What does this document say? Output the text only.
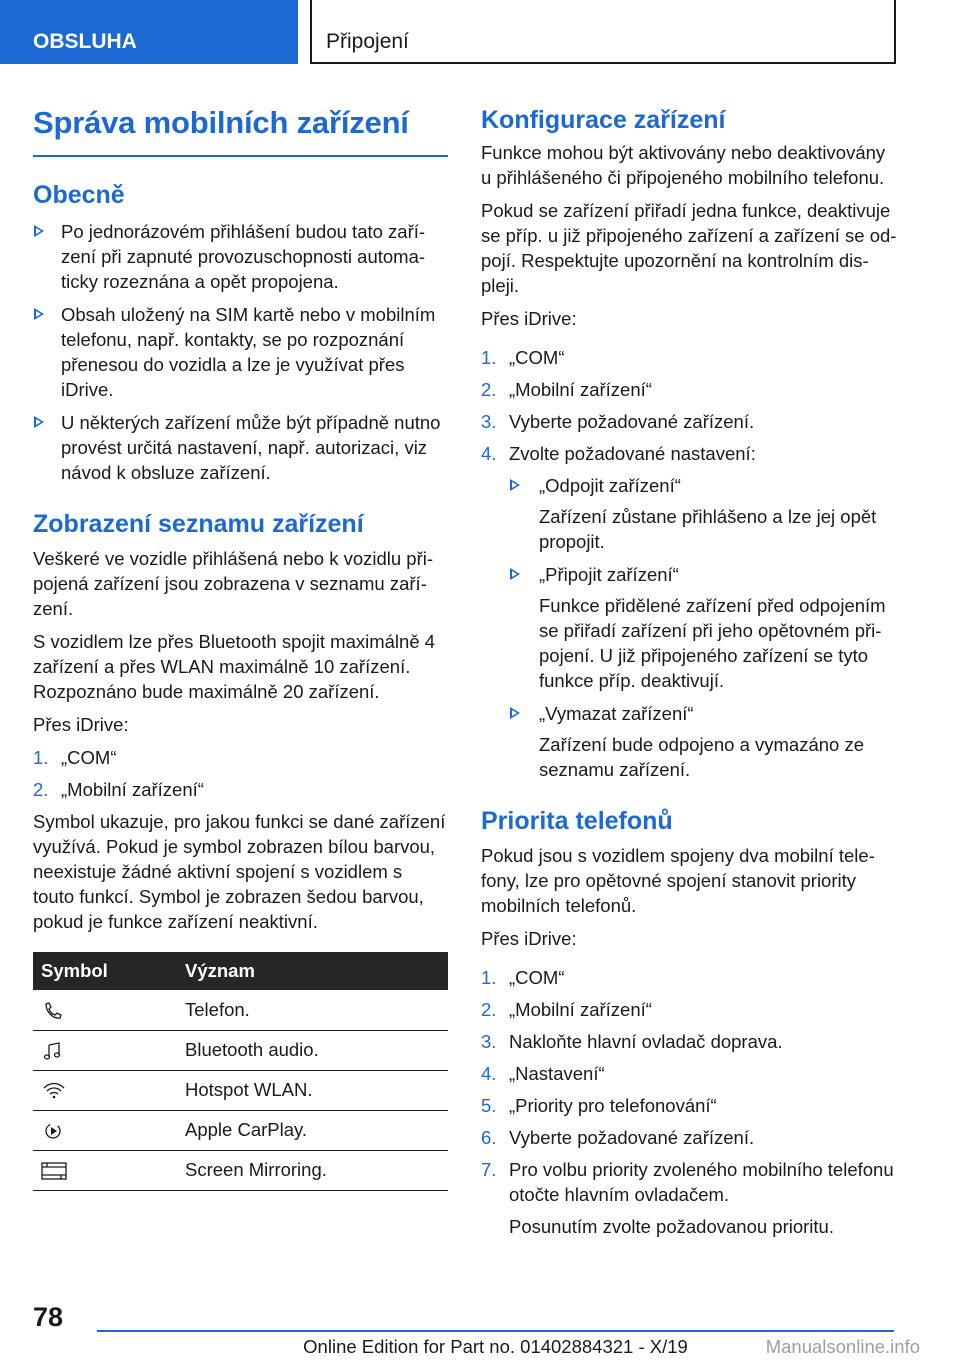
OBSLUHA	Připojení
Správa mobilních zařízení
Obecně
Po jednorázovém přihlášení budou tato zařízení při zapnuté provozuschopnosti automaticky rozeznána a opět propojena.
Obsah uložený na SIM kartě nebo v mobilním telefonu, např. kontakty, se po rozpoznání přenesou do vozidla a lze je využívat přes iDrive.
U některých zařízení může být případně nutno provést určitá nastavení, např. autorizaci, viz návod k obsluze zařízení.
Zobrazení seznamu zařízení

Veškeré ve vozidle přihlášená nebo k vozidlu připojená zařízení jsou zobrazena v seznamu zařízení.

S vozidlem lze přes Bluetooth spojit maximálně 4 zařízení a přes WLAN maximálně 10 zařízení. Rozpoznáno bude maximálně 20 zařízení.

Přes iDrive:

1. „COM“
2. „Mobilní zařízení“

Symbol ukazuje, pro jakou funkci se dané zařízení využívá. Pokud je symbol zobrazen bílou barvou, neexistuje žádné aktivní spojení s vozidlem s touto funkcí. Symbol je zobrazen šedou barvou, pokud je funkce zařízení neaktivní.

Symbol	Význam
	Telefon.
	Bluetooth audio.
	Hotspot WLAN.
	Apple CarPlay.
	Screen Mirroring.
Konfigurace zařízení

Funkce mohou být aktivovány nebo deaktivovány u přihlášeného či připojeného mobilního telefonu.

Pokud se zařízení přiřadí jedna funkce, deaktivuje se příp. u již připojeného zařízení a zařízení se odpojí. Respektujte upozornění na kontrolním displeji.

Přes iDrive:

1. „COM“
2. „Mobilní zařízení“
3. Vyberte požadované zařízení.
4. Zvolte požadované nastavení:
„Odpojit zařízení“
Zařízení zůstane přihlášeno a lze jej opět propojit.
„Připojit zařízení“
Funkce přidělené zařízení před odpojením se přiřadí zařízení při jeho opětovném připojení. U již připojeného zařízení se tyto funkce příp. deaktivují.
„Vymazat zařízení“
Zařízení bude odpojeno a vymazáno ze seznamu zařízení.
Priorita telefonů

Pokud jsou s vozidlem spojeny dva mobilní telefony, lze pro opětovné spojení stanovit priority mobilních telefonů.

Přes iDrive:

1. „COM“
2. „Mobilní zařízení“
3. Nakloňte hlavní ovladač doprava.
4. „Nastavení“
5. „Priority pro telefonování“
6. Vyberte požadované zařízení.
7. Pro volbu priority zvoleného mobilního telefonu otočte hlavním ovladačem.
Posunutím zvolte požadovanou prioritu.
78
Online Edition for Part no. 01402884321 - X/19	Manualsonline.info
